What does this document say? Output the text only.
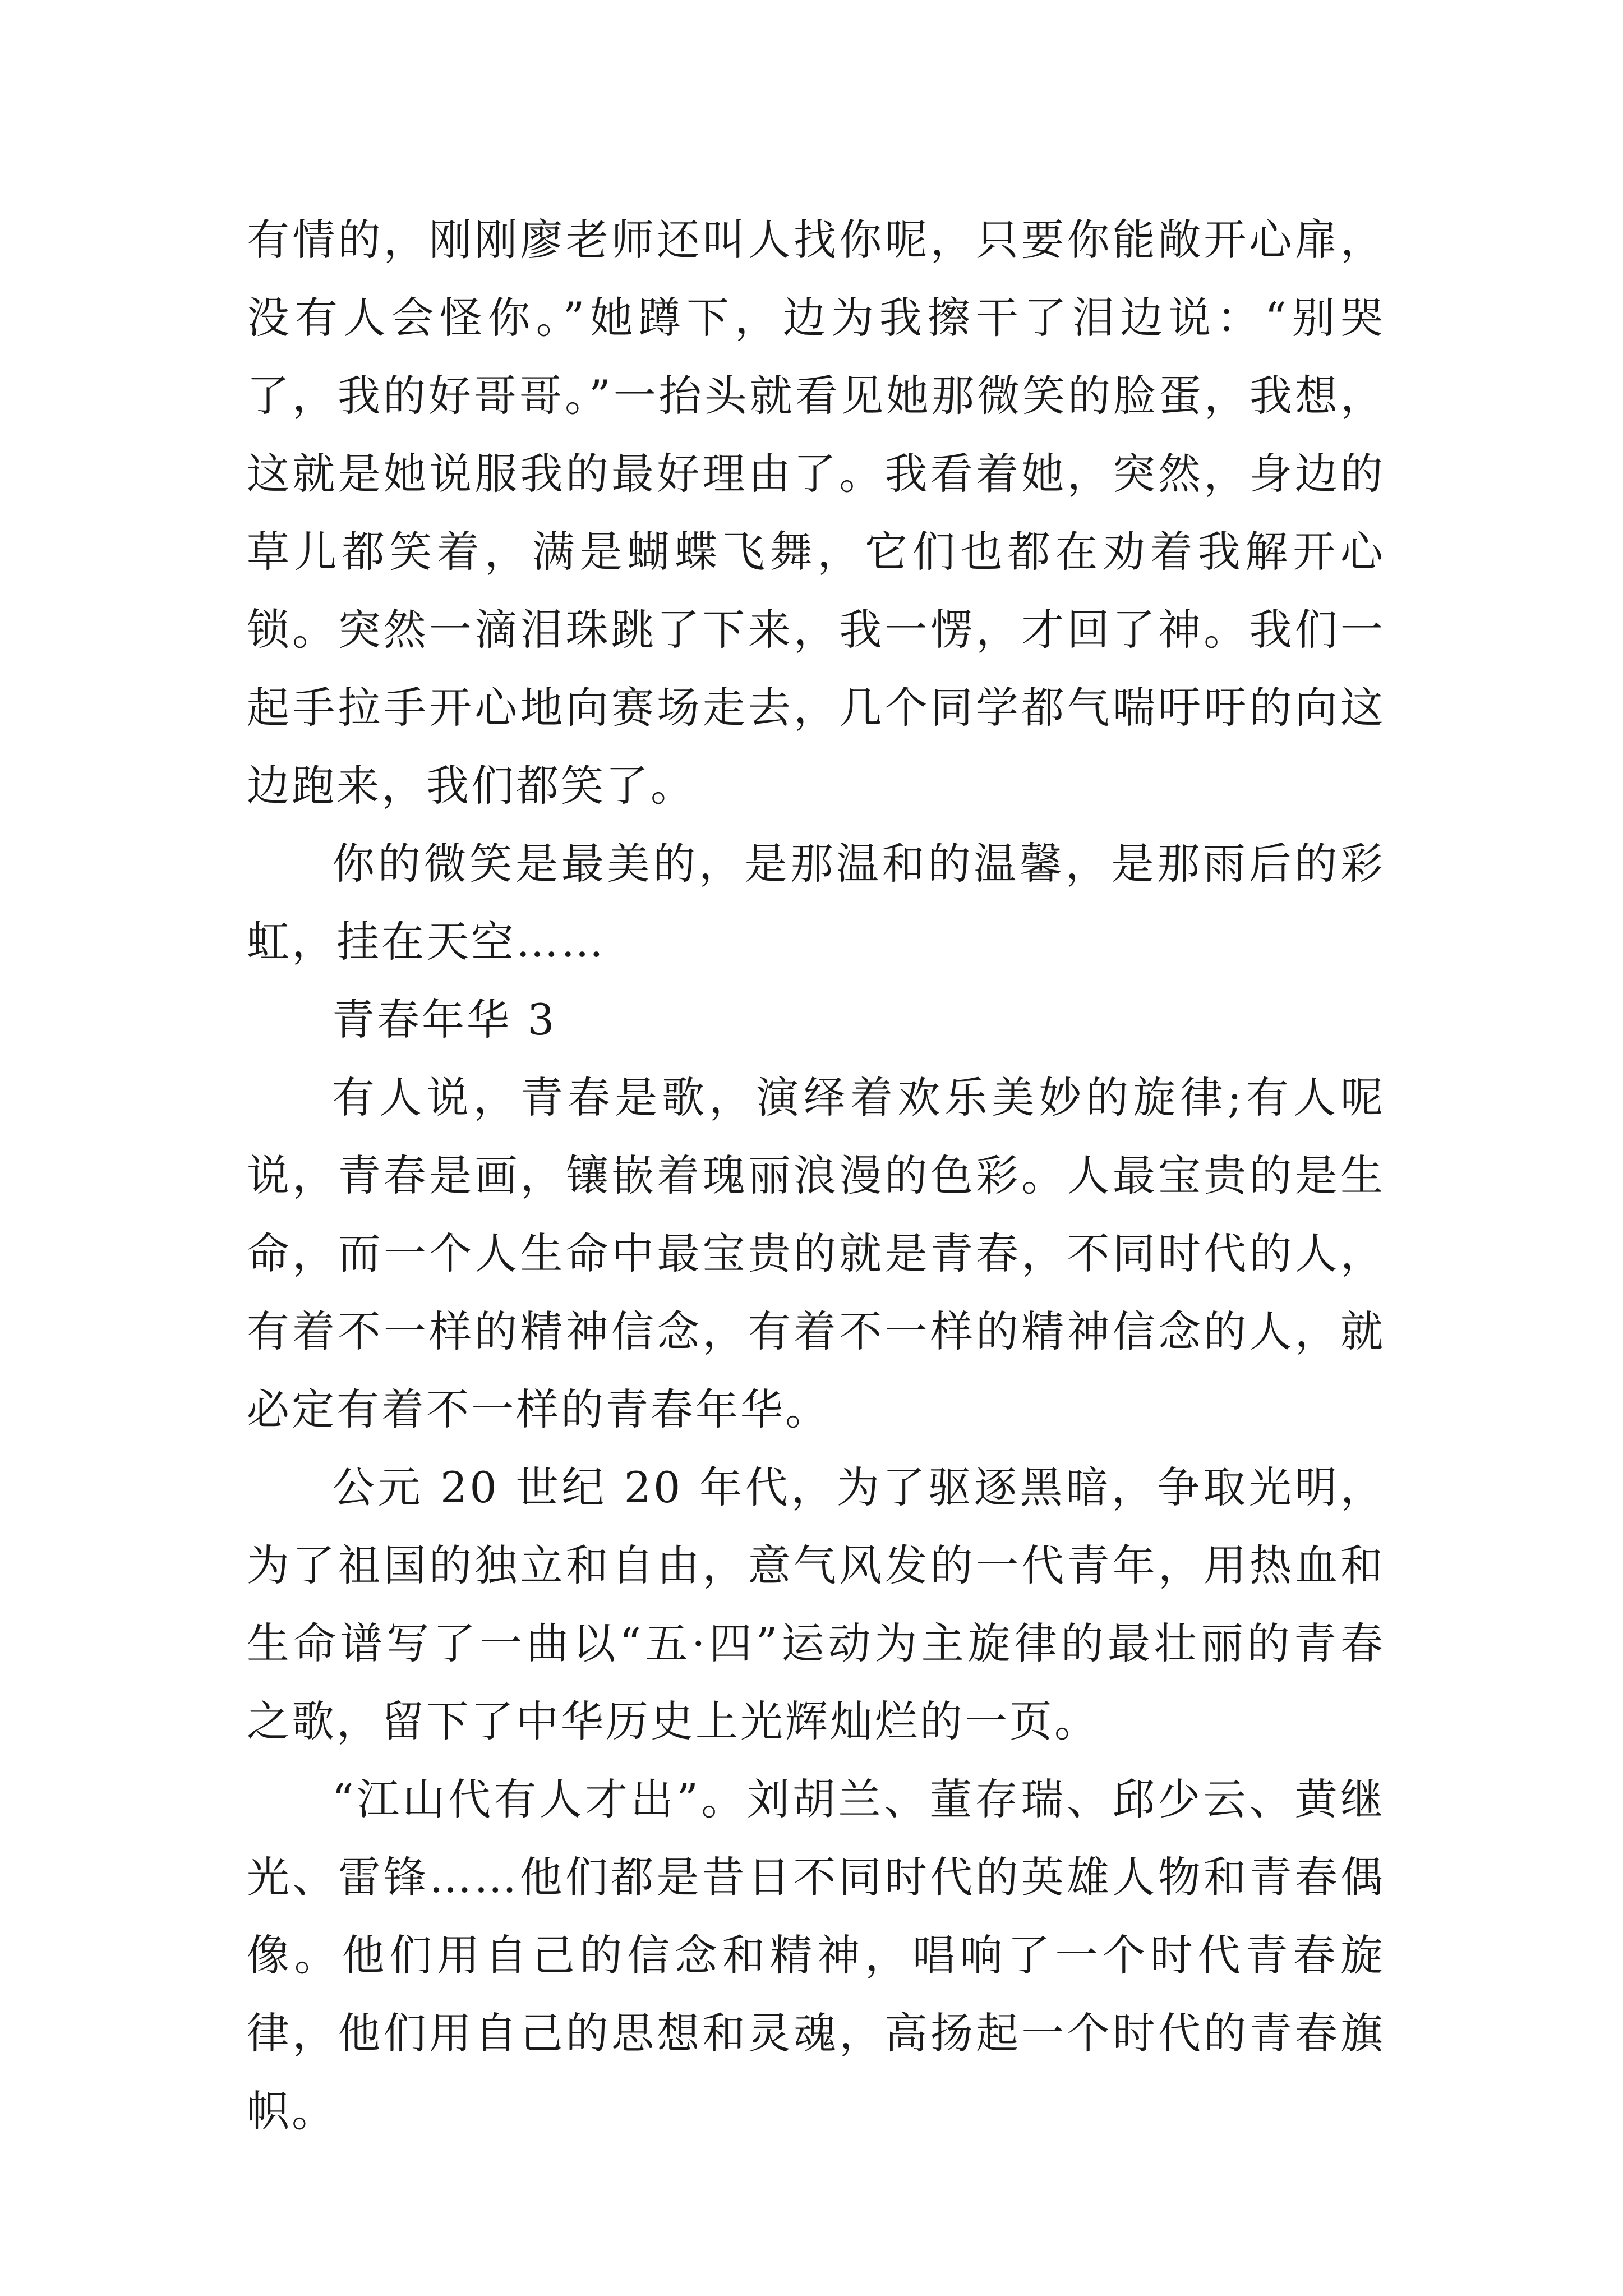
有情的，刚刚廖老师还叫人找你呢，只要你能敞开心扉，没有人会怪你。”她蹲下，边为我擦干了泪边说：“别哭了，我的好哥哥。”一抬头就看见她那微笑的脸蛋，我想，这就是她说服我的最好理由了。我看着她，突然，身边的草儿都笑着，满是蝴蝶飞舞，它们也都在劝着我解开心锁。突然一滴泪珠跳了下来，我一愣，才回了神。我们一起手拉手开心地向赛场走去，几个同学都气喘吁吁的向这边跑来，我们都笑了。

你的微笑是最美的，是那温和的温馨，是那雨后的彩虹，挂在天空……

青春年华 3

有人说，青春是歌，演绎着欢乐美妙的旋律;有人呢说，青春是画，镶嵌着瑰丽浪漫的色彩。人最宝贵的是生命，而一个人生命中最宝贵的就是青春，不同时代的人，有着不一样的精神信念，有着不一样的精神信念的人，就必定有着不一样的青春年华。

公元 20 世纪 20 年代，为了驱逐黑暗，争取光明，为了祖国的独立和自由，意气风发的一代青年，用热血和生命谱写了一曲以“五·四”运动为主旋律的最壮丽的青春之歌，留下了中华历史上光辉灿烂的一页。

“江山代有人才出”。刘胡兰、董存瑞、邱少云、黄继光、雷锋……他们都是昔日不同时代的英雄人物和青春偶像。他们用自己的信念和精神，唱响了一个时代青春旋律，他们用自己的思想和灵魂，高扬起一个时代的青春旗帜。
